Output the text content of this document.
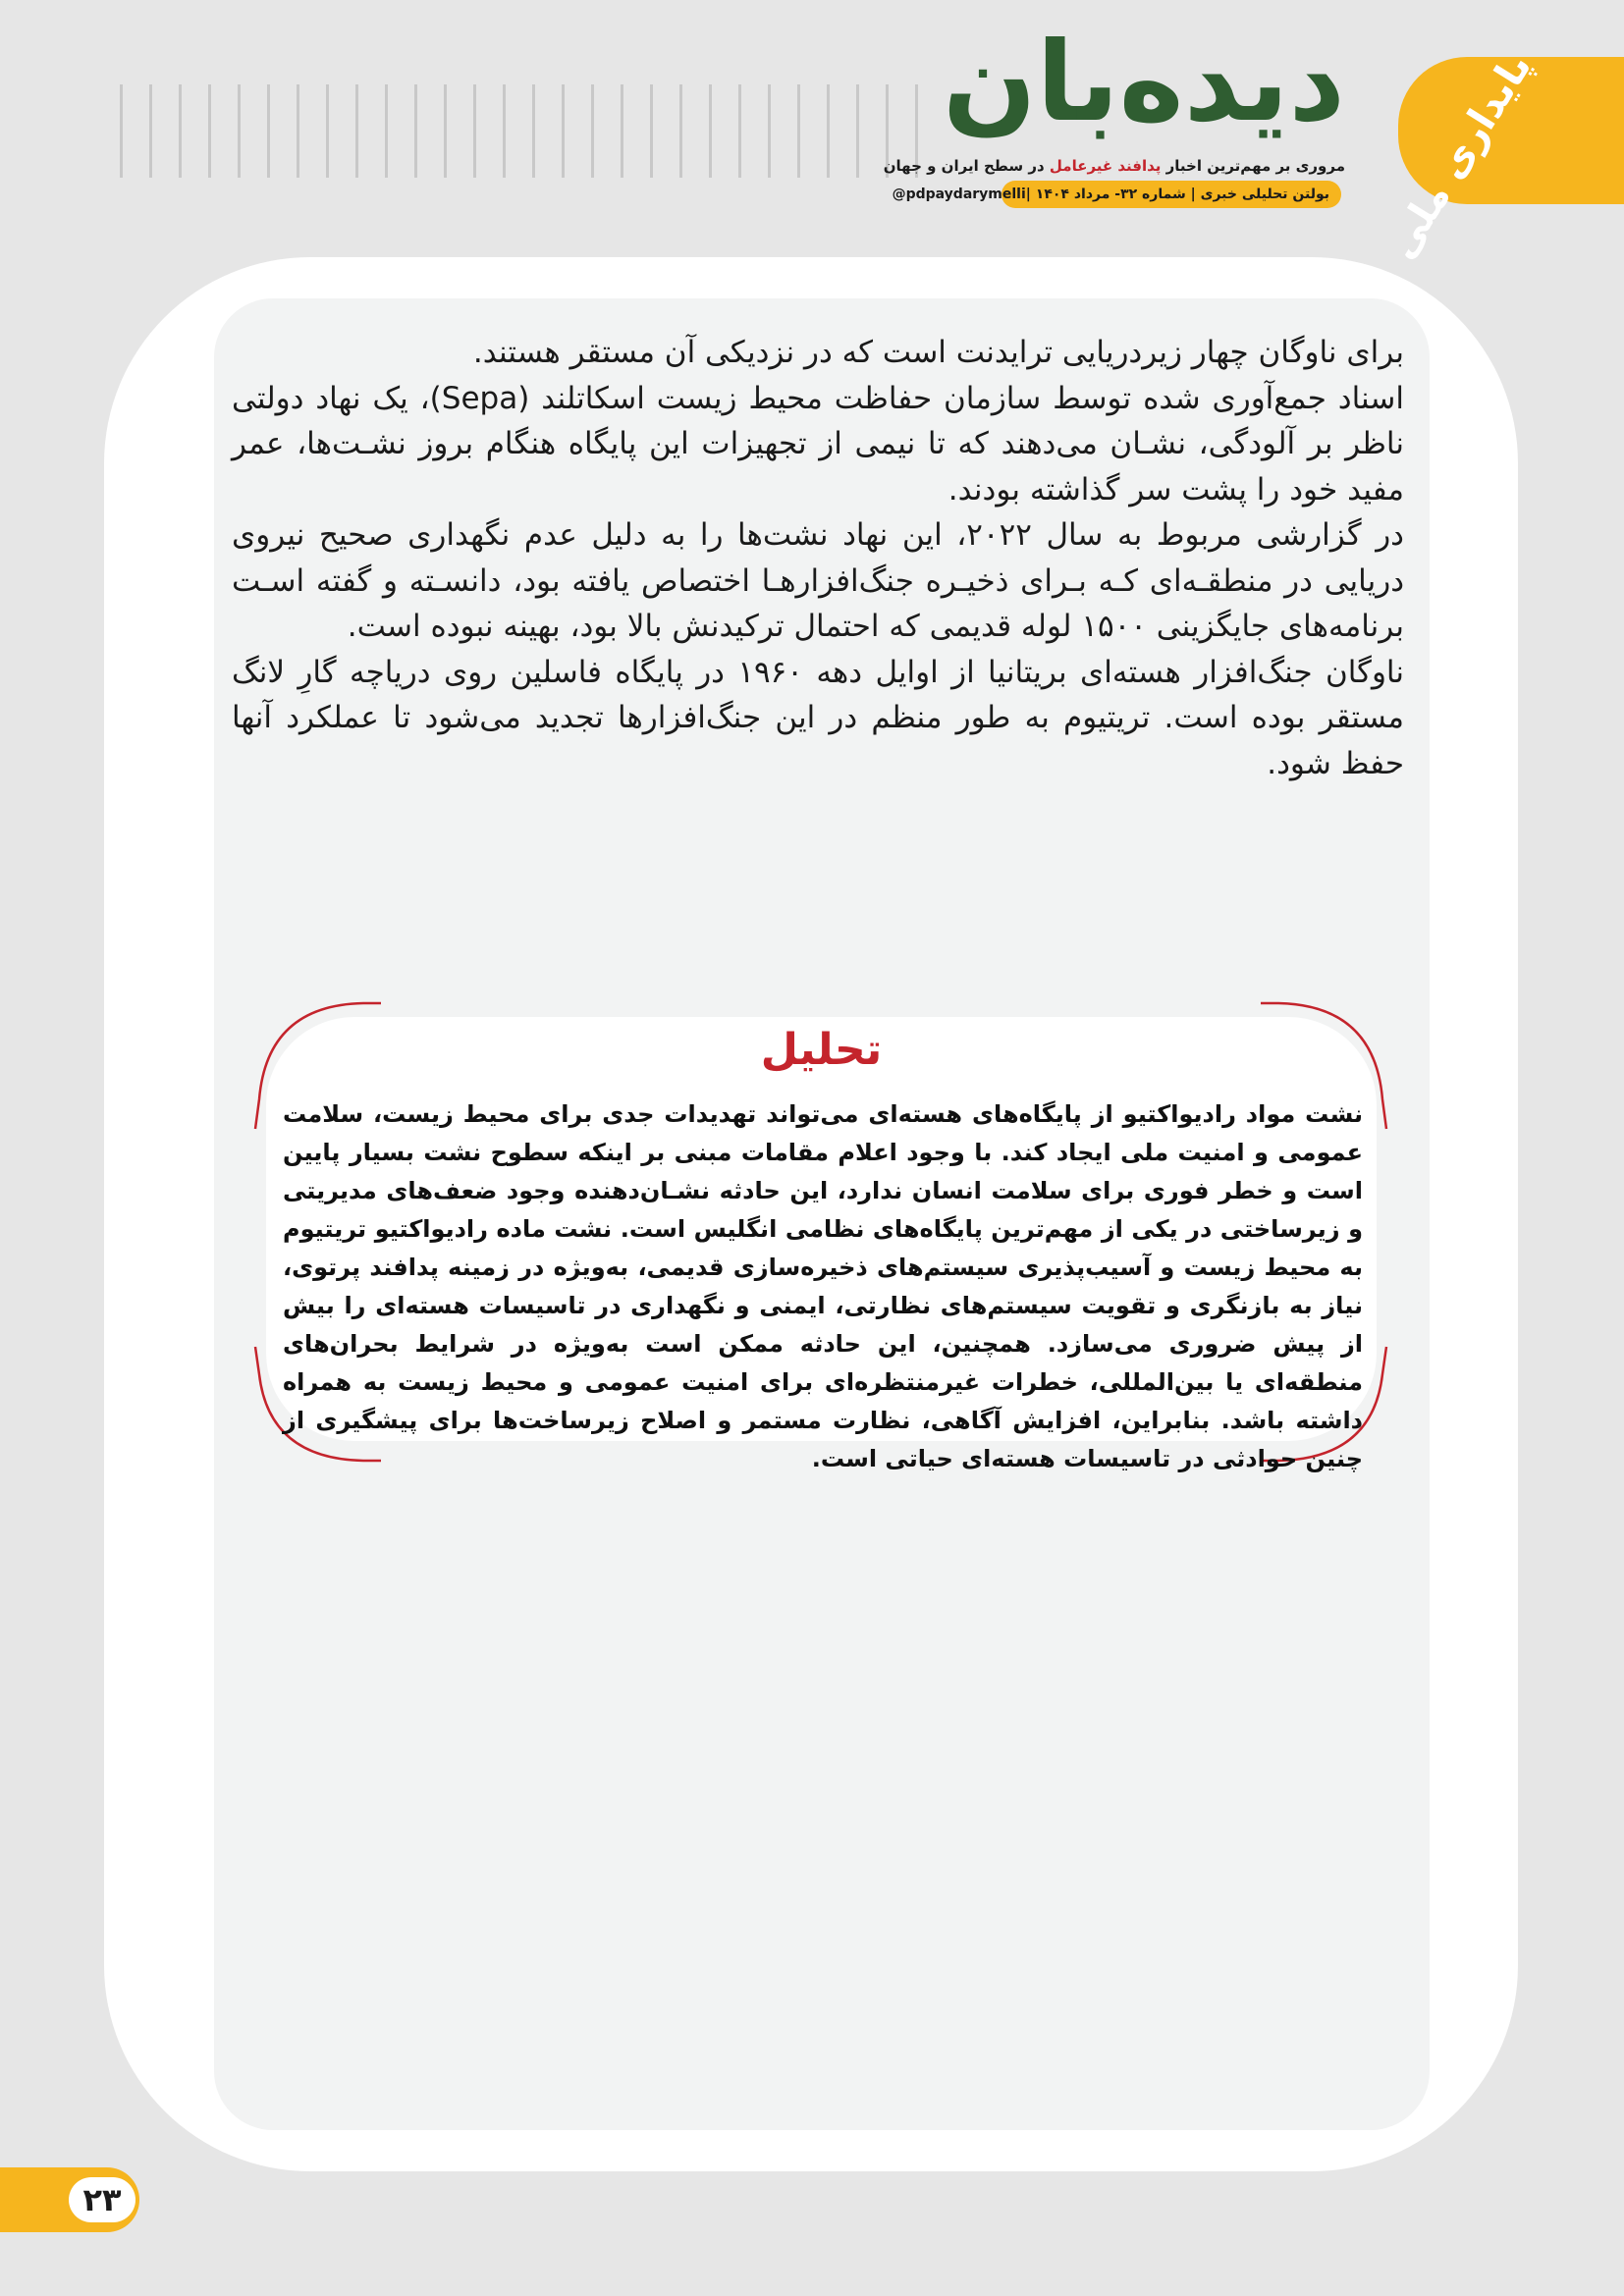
دیده‌بان
مروری بر مهم‌ترین اخبار پدافند غیرعامل در سطح ایران و جهان
بولتن تحلیلی خبری | شماره ۳۲- مرداد ۱۴۰۴ |
@pdpaydarymelli	پایداری ملی

برای ناوگان چهار زیردریایی ترایدنت است که در نزدیکی آن مستقر هستند.

اسناد جمع‌آوری شده توسط سازمان حفاظت محیط زیست اسکاتلند (Sepa)، یک نهاد دولتی ناظر بر آلودگی، نشـان می‌دهند که تا نیمی از تجهیزات این پایگاه هنگام بروز نشـت‌ها، عمر مفید خود را پشت سر گذاشته بودند.

در گزارشی مربوط به سال ۲۰۲۲، این نهاد نشت‌ها را به دلیل عدم نگهداری صحیح نیروی دریایی در منطقـه‌ای کـه بـرای ذخیـره جنگ‌افزارهـا اختصاص یافته بود، دانسـته و گفته اسـت برنامه‌های جایگزینی ۱۵۰۰ لوله قدیمی که احتمال ترکیدنش بالا بود، بهینه نبوده است.

ناوگان جنگ‌افزار هسته‌ای بریتانیا از اوایل دهه ۱۹۶۰ در پایگاه فاسلین روی دریاچه گارِ لانگ مستقر بوده است. تریتیوم به طور منظم در این جنگ‌افزارها تجدید می‌شود تا عملکرد آنها حفظ شود.

تحلیل
نشت مواد رادیواکتیو از پایگاه‌های هسته‌ای می‌تواند تهدیدات جدی برای محیط زیست، سلامت عمومی و امنیت ملی ایجاد کند. با وجود اعلام مقامات مبنی بر اینکه سطوح نشت بسیار پایین است و خطر فوری برای سلامت انسان ندارد، این حادثه نشـان‌دهنده وجود ضعف‌های مدیریتی و زیرساختی در یکی از مهم‌ترین پایگاه‌های نظامی انگلیس است. نشت ماده رادیواکتیو تریتیوم به محیط زیست و آسیب‌پذیری سیستم‌های ذخیره‌سازی قدیمی، به‌ویژه در زمینه پدافند پرتوی، نیاز به بازنگری و تقویت سیستم‌های نظارتی، ایمنی و نگهداری در تاسیسات هسته‌ای را بیش از پیش ضروری می‌سازد. همچنین، این حادثه ممکن است به‌ویژه در شرایط بحران‌های منطقه‌ای یا بین‌المللی، خطرات غیرمنتظره‌ای برای امنیت عمومی و محیط زیست به همراه داشته باشد. بنابراین، افزایش آگاهی، نظارت مستمر و اصلاح زیرساخت‌ها برای پیشگیری از چنین حوادثی در تاسیسات هسته‌ای حیاتی است.
۲۳
